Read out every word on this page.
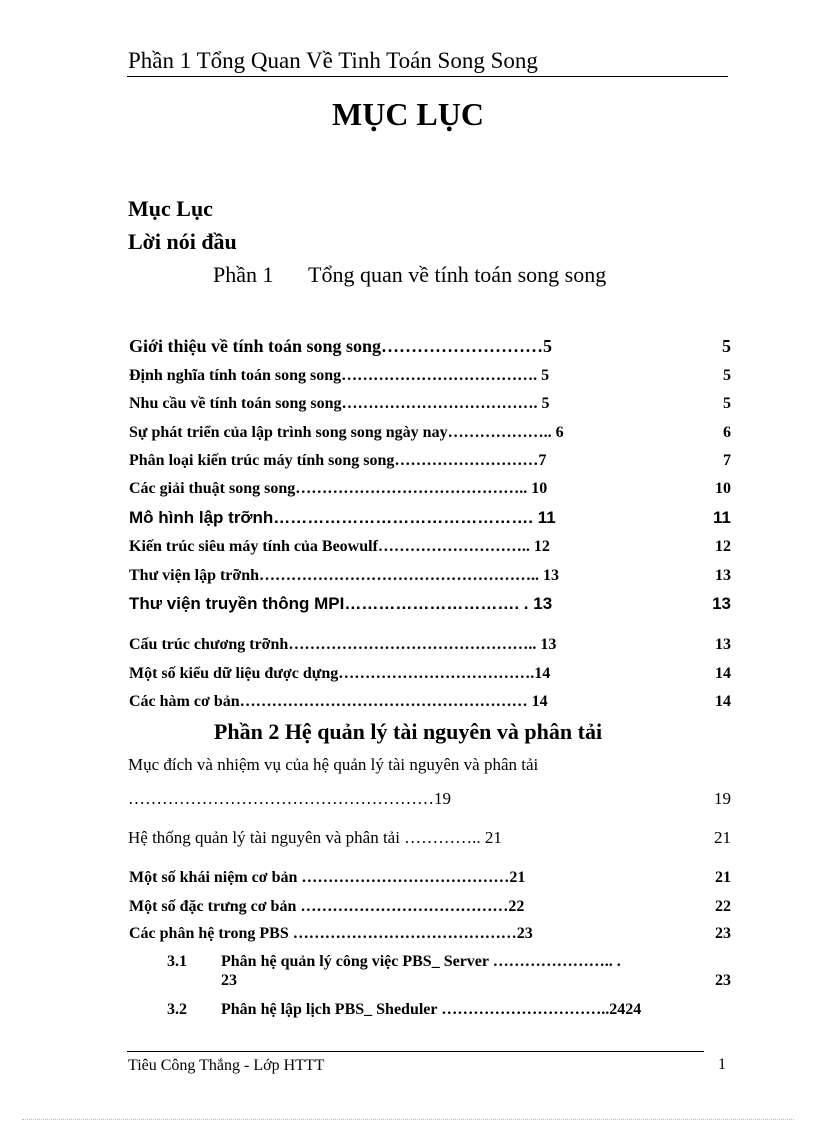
Phần 1 Tổng Quan Về Tinh Toán Song Song
MỤC LỤC
Mục Lục
Lời nói đầu
Phần 1 Tổng quan về tính toán song song
Giới thiệu về tính toán song song………………………5	5
Định nghĩa tính toán song song………………………………. 5	5
Nhu cầu về tính toán song song………………………………. 5	5
Sự phát triển của lập trình song song ngày nay……………….. 6	6
Phân loại kiến trúc máy tính song song………………………7	7
Các giải thuật song song…………………………………….. 10	10
Mô hình lập trỡnh………………………………………. 11	11
Kiến trúc siêu máy tính của Beowulf……………………….. 12	12
Thư viện lập trỡnh…………………………………………….. 13	13
Thư viện truyền thông MPI…………………………. . 13	13
Cấu trúc chương trỡnh……………………………………….. 13	13
Một số kiểu dữ liệu được dựng……………………………….14	14
Các hàm cơ bản……………………………………………… 14	14
Phần 2 Hệ quản lý tài nguyên và phân tải
Mục đích và nhiệm vụ của hệ quản lý tài nguyên và phân tải
………………………………………………19	19
Hệ thống quản lý tài nguyên và phân tải ………….. 21	21
Một số khái niệm cơ bản …………………………………21	21
Một số đặc trưng cơ bản …………………………………22	22
Các phân hệ trong PBS ……………………………………23	23
3.1 Phân hệ quản lý công việc PBS_ Server ………………….. .
23	23
3.2 Phân hệ lập lịch PBS_ Sheduler …………………………..2424
Tiêu Công Thắng - Lớp HTTT	1
